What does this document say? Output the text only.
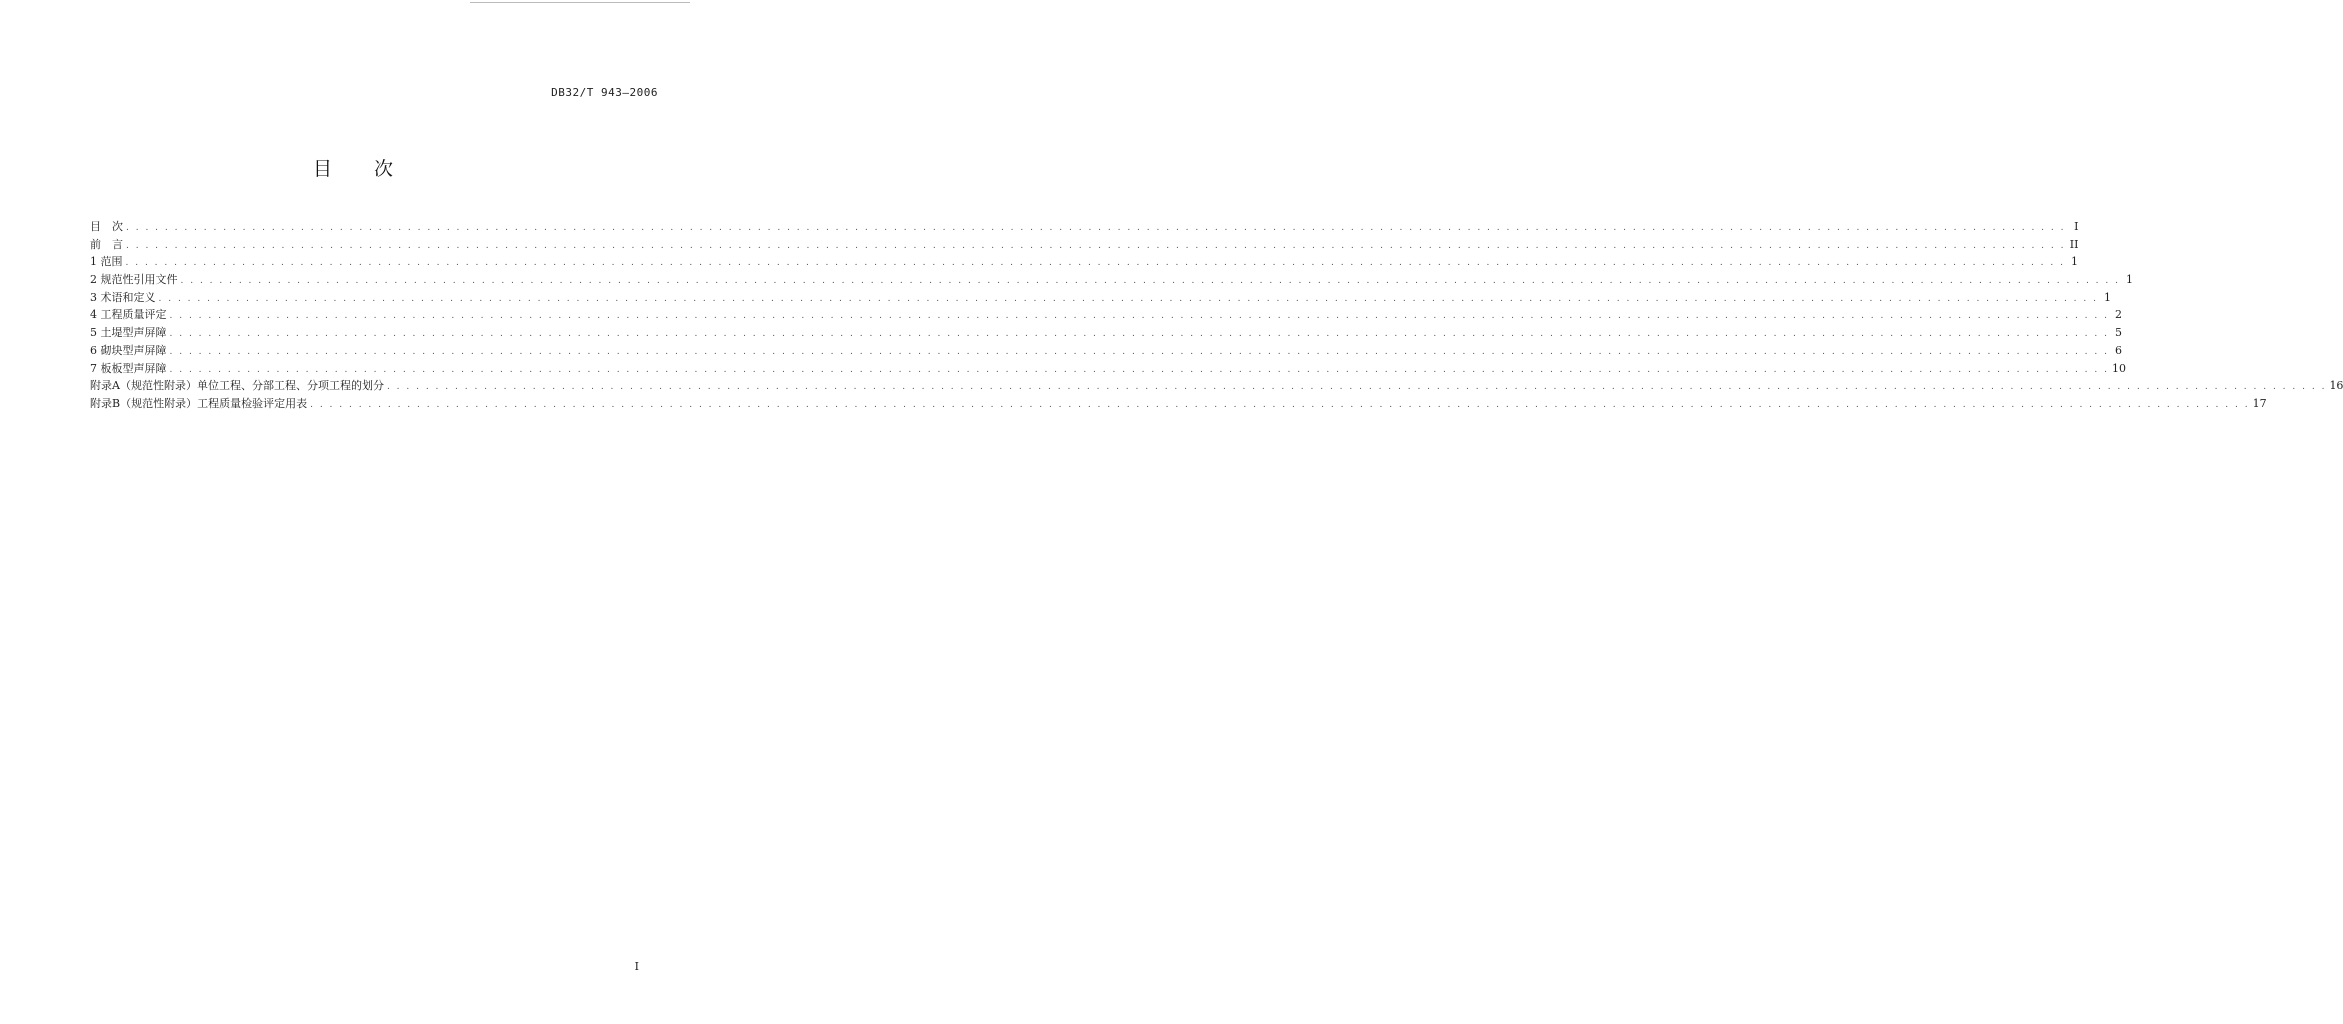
DB32/T 943—2006
目 次
目　次 . . . . . . . . . . . . . . . . . . . . . . . . . . . . . . . . . . . . . . . . . . . . . . . . . . . . . . . . . . . . . . . . . . . . . . . . . . . . . . . . . . . . . . . . . . . . . . . . . . . . . . . . . . . . . . . . . . . . . . . . . . . . . . . . . . . . . . . . . . . . . . . . . . . . . . . . . . . . . . . . . . . . . . . . . . . . . . . . . . . . . . . . . . . . . . . . . . . . . . . . I
前　言 . . . . . . . . . . . . . . . . . . . . . . . . . . . . . . . . . . . . . . . . . . . . . . . . . . . . . . . . . . . . . . . . . . . . . . . . . . . . . . . . . . . . . . . . . . . . . . . . . . . . . . . . . . . . . . . . . . . . . . . . . . . . . . . . . . . . . . . . . . . . . . . . . . . . . . . . . . . . . . . . . . . . . . . . . . . . . . . . . . . . . . . . . . . . . . . . . . . . . . . . II
1 范围 . . . . . . . . . . . . . . . . . . . . . . . . . . . . . . . . . . . . . . . . . . . . . . . . . . . . . . . . . . . . . . . . . . . . . . . . . . . . . . . . . . . . . . . . . . . . . . . . . . . . . . . . . . . . . . . . . . . . . . . . . . . . . . . . . . . . . . . . . . . . . . . . . . . . . . . . . . . . . . . . . . . . . . . . . . . . . . . . . . . . . . . . . . . . . . . . . . . . . . . . 1
2 规范性引用文件 . . . . . . . . . . . . . . . . . . . . . . . . . . . . . . . . . . . . . . . . . . . . . . . . . . . . . . . . . . . . . . . . . . . . . . . . . . . . . . . . . . . . . . . . . . . . . . . . . . . . . . . . . . . . . . . . . . . . . . . . . . . . . . . . . . . . . . . . . . . . . . . . . . . . . . . . . . . . . . . . . . . . . . . . . . . . . . . . . . . . . . . . . . . . . . . . . . . . . . . . 1
3 术语和定义 . . . . . . . . . . . . . . . . . . . . . . . . . . . . . . . . . . . . . . . . . . . . . . . . . . . . . . . . . . . . . . . . . . . . . . . . . . . . . . . . . . . . . . . . . . . . . . . . . . . . . . . . . . . . . . . . . . . . . . . . . . . . . . . . . . . . . . . . . . . . . . . . . . . . . . . . . . . . . . . . . . . . . . . . . . . . . . . . . . . . . . . . . . . . . . . . . . . . . . . . 1
4 工程质量评定 . . . . . . . . . . . . . . . . . . . . . . . . . . . . . . . . . . . . . . . . . . . . . . . . . . . . . . . . . . . . . . . . . . . . . . . . . . . . . . . . . . . . . . . . . . . . . . . . . . . . . . . . . . . . . . . . . . . . . . . . . . . . . . . . . . . . . . . . . . . . . . . . . . . . . . . . . . . . . . . . . . . . . . . . . . . . . . . . . . . . . . . . . . . . . . . . . . . . . . . . 2
5 土堤型声屏障 . . . . . . . . . . . . . . . . . . . . . . . . . . . . . . . . . . . . . . . . . . . . . . . . . . . . . . . . . . . . . . . . . . . . . . . . . . . . . . . . . . . . . . . . . . . . . . . . . . . . . . . . . . . . . . . . . . . . . . . . . . . . . . . . . . . . . . . . . . . . . . . . . . . . . . . . . . . . . . . . . . . . . . . . . . . . . . . . . . . . . . . . . . . . . . . . . . . . . . . . 5
6 砌块型声屏障 . . . . . . . . . . . . . . . . . . . . . . . . . . . . . . . . . . . . . . . . . . . . . . . . . . . . . . . . . . . . . . . . . . . . . . . . . . . . . . . . . . . . . . . . . . . . . . . . . . . . . . . . . . . . . . . . . . . . . . . . . . . . . . . . . . . . . . . . . . . . . . . . . . . . . . . . . . . . . . . . . . . . . . . . . . . . . . . . . . . . . . . . . . . . . . . . . . . . . . . . 6
7 板板型声屏障 . . . . . . . . . . . . . . . . . . . . . . . . . . . . . . . . . . . . . . . . . . . . . . . . . . . . . . . . . . . . . . . . . . . . . . . . . . . . . . . . . . . . . . . . . . . . . . . . . . . . . . . . . . . . . . . . . . . . . . . . . . . . . . . . . . . . . . . . . . . . . . . . . . . . . . . . . . . . . . . . . . . . . . . . . . . . . . . . . . . . . . . . . . . . . . . . . . . . . . . . 10
附录A（规范性附录）单位工程、分部工程、分项工程的划分 . . . . . . . . . . . . . . . . . . . . . . . . . . . . . . . . . . . . . . . . . . . . . . . . . . . . . . . . . . . . . . . . . . . . . . . . . . . . . . . . . . . . . . . . . . . . . . . . . . . . . . . . . . . . . . . . . . . . . . . . . . . . . . . . . . . . . . . . . . . . . . . . . . . . . . . . . . . . . . . . . . . . . . . . . . . . . . . . . . . . . . . . . . . . . . . . . . . . . . . . 16
附录B（规范性附录）工程质量检验评定用表 . . . . . . . . . . . . . . . . . . . . . . . . . . . . . . . . . . . . . . . . . . . . . . . . . . . . . . . . . . . . . . . . . . . . . . . . . . . . . . . . . . . . . . . . . . . . . . . . . . . . . . . . . . . . . . . . . . . . . . . . . . . . . . . . . . . . . . . . . . . . . . . . . . . . . . . . . . . . . . . . . . . . . . . . . . . . . . . . . . . . . . . . . . . . . . . . . . . . . . . . 17
I
